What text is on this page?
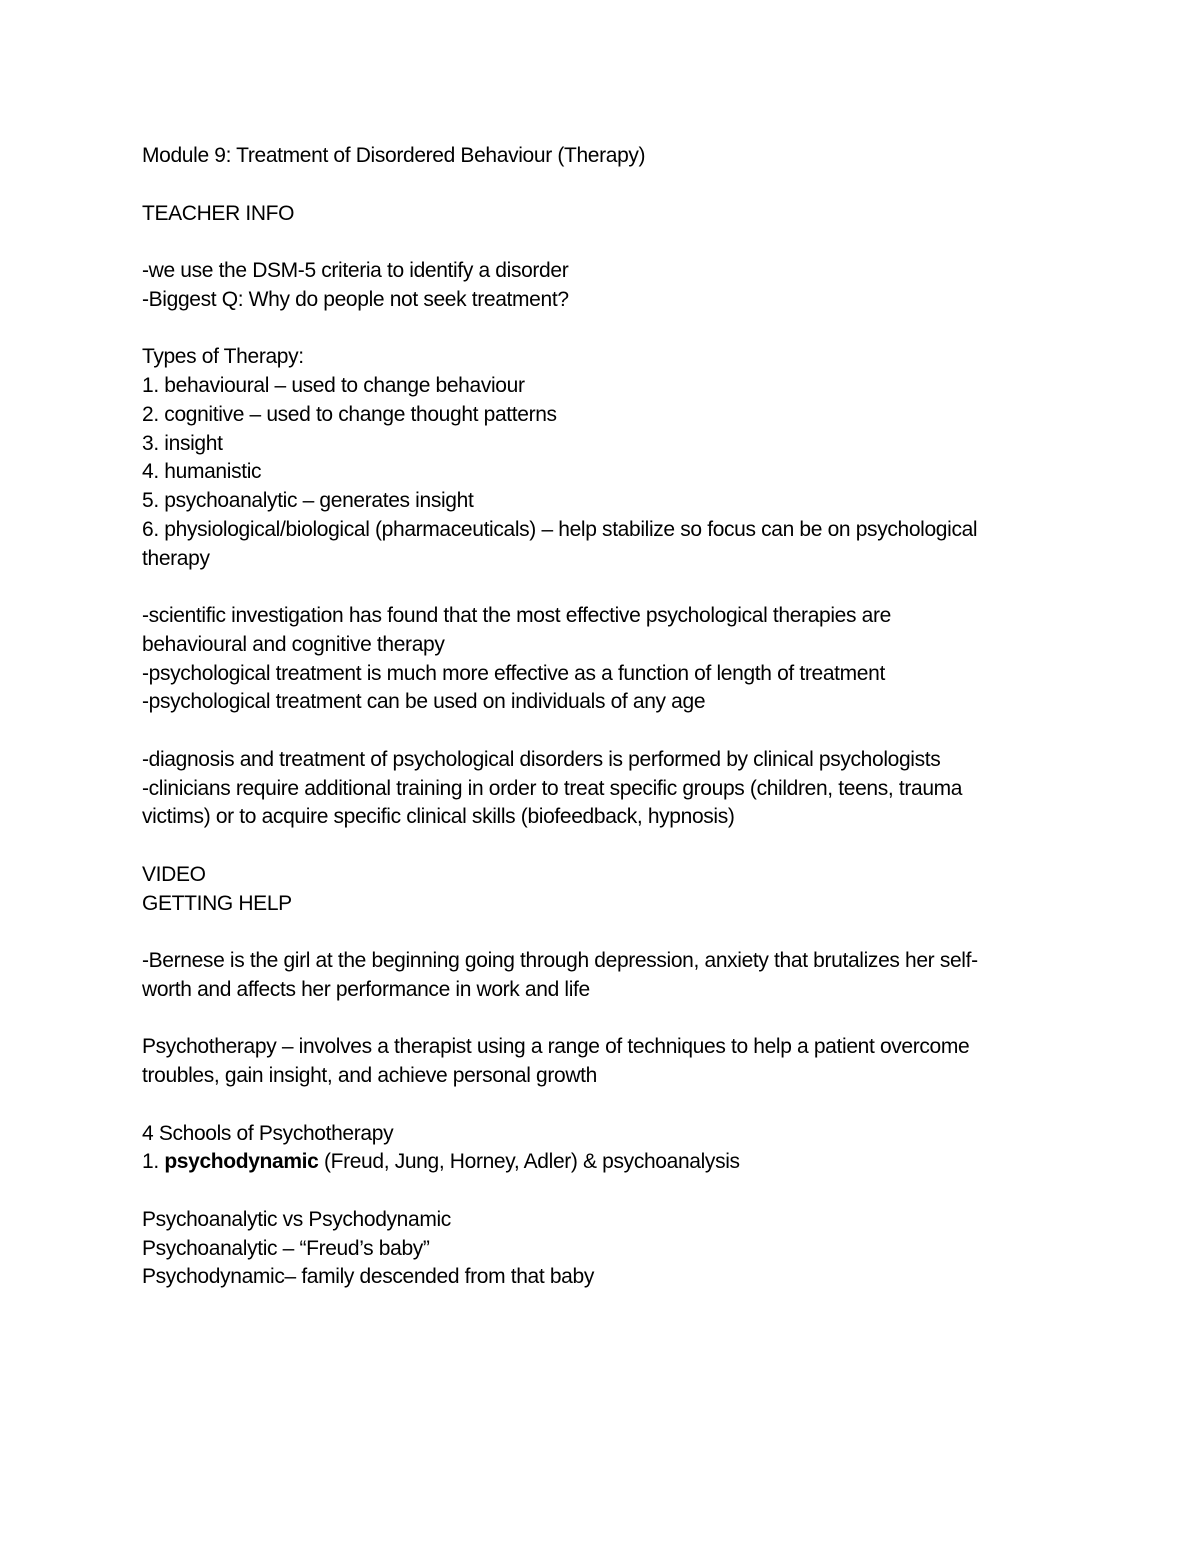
Module 9: Treatment of Disordered Behaviour (Therapy)
TEACHER INFO
-we use the DSM-5 criteria to identify a disorder
-Biggest Q: Why do people not seek treatment?
Types of Therapy:
1. behavioural – used to change behaviour
2. cognitive – used to change thought patterns
3. insight
4. humanistic
5. psychoanalytic – generates insight
6. physiological/biological (pharmaceuticals) – help stabilize so focus can be on psychological
therapy
-scientific investigation has found that the most effective psychological therapies are
behavioural and cognitive therapy
-psychological treatment is much more effective as a function of length of treatment
-psychological treatment can be used on individuals of any age
-diagnosis and treatment of psychological disorders is performed by clinical psychologists
-clinicians require additional training in order to treat specific groups (children, teens, trauma
victims) or to acquire specific clinical skills (biofeedback, hypnosis)
VIDEO
GETTING HELP
-Bernese is the girl at the beginning going through depression, anxiety that brutalizes her self-
worth and affects her performance in work and life
Psychotherapy – involves a therapist using a range of techniques to help a patient overcome
troubles, gain insight, and achieve personal growth
4 Schools of Psychotherapy
1. psychodynamic (Freud, Jung, Horney, Adler) & psychoanalysis
Psychoanalytic vs Psychodynamic
Psychoanalytic – “Freud’s baby”
Psychodynamic– family descended from that baby
